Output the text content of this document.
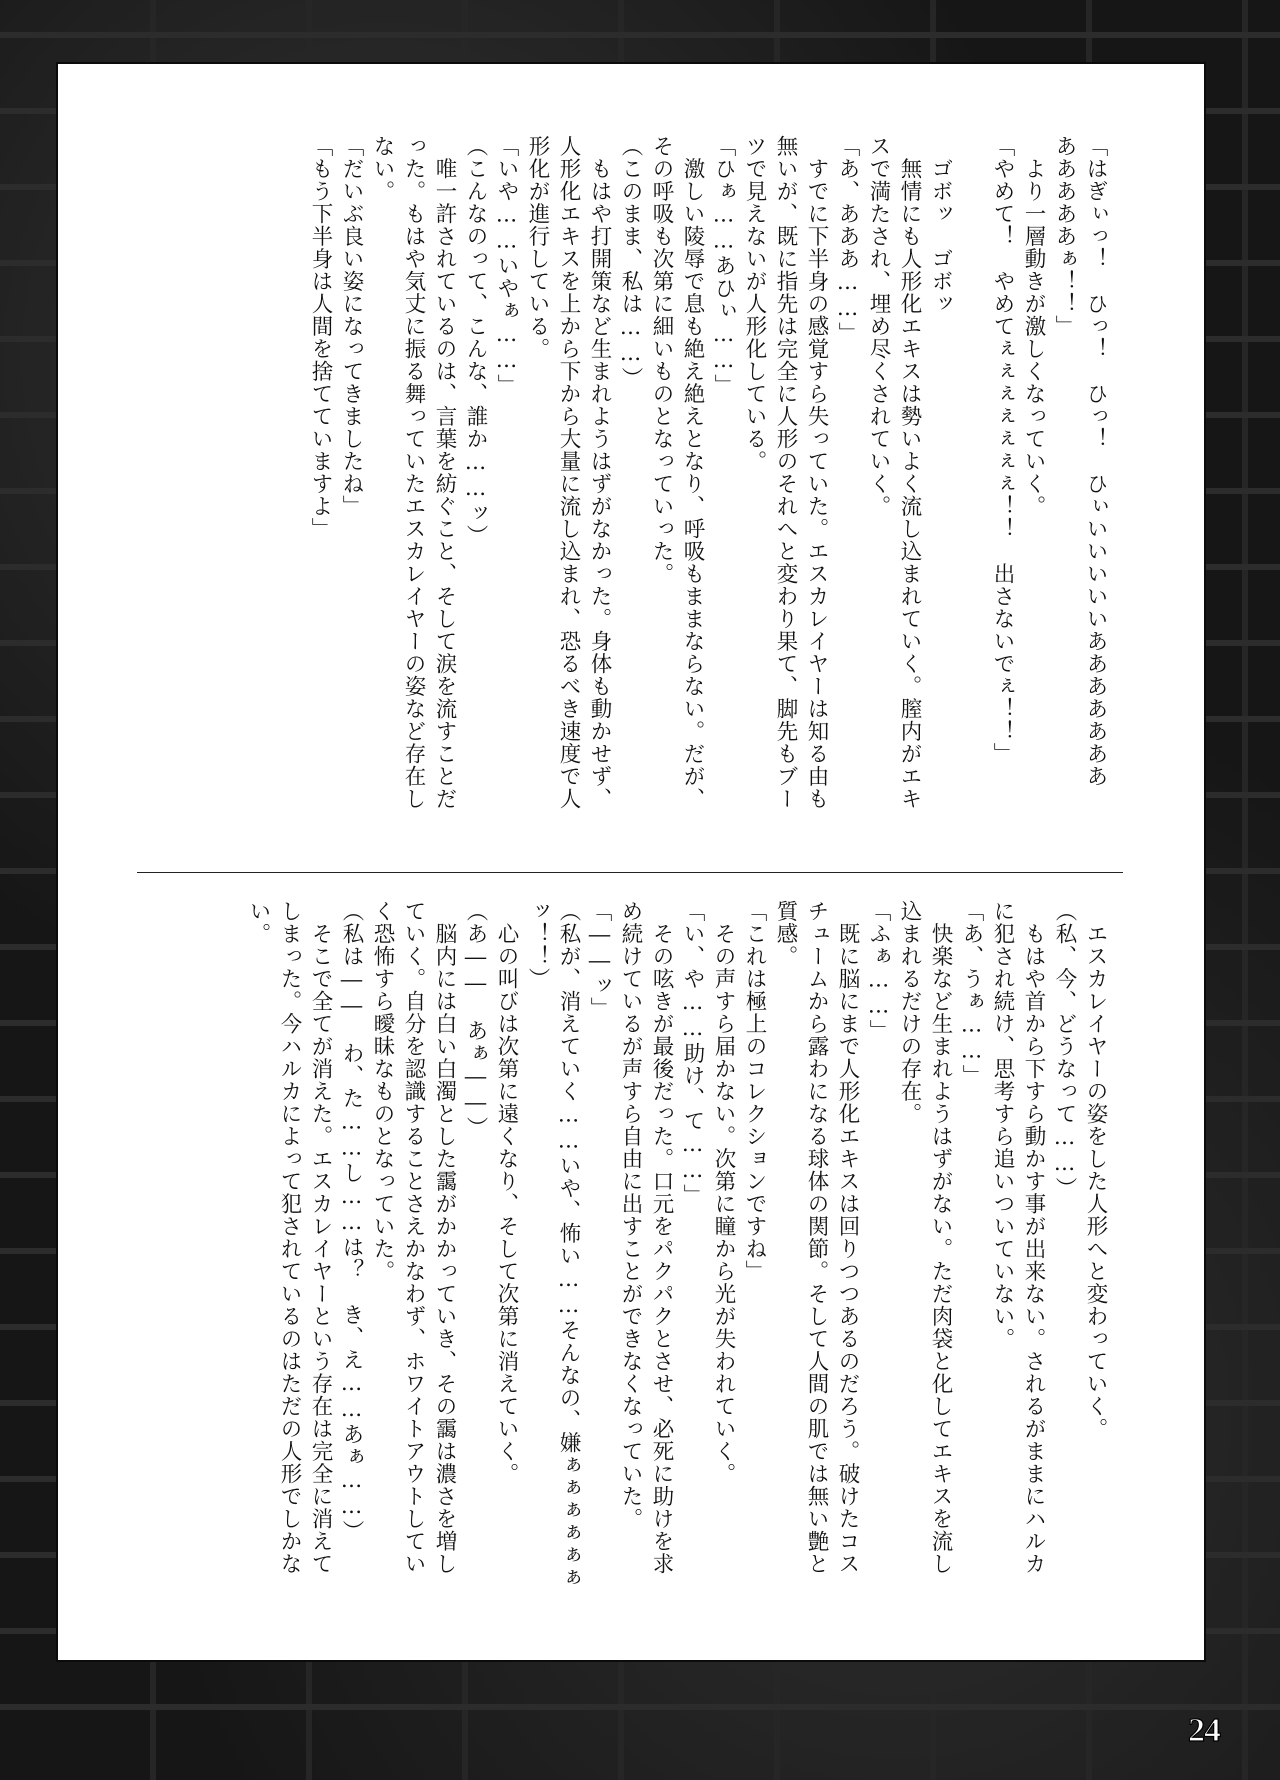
「はぎぃっ！　ひっ！　ひっ！　ひぃいいいいいあああああああ

あああああぁ！！」

　より一層動きが激しくなっていく。

「やめて！　やめてぇぇぇぇぇぇぇ！！　出さないでぇ！！」

　ゴボッ　ゴボッ

　無情にも人形化エキスは勢いよく流し込まれていく。膣内がエキ

スで満たされ、埋め尽くされていく。

「あ、あああ……」

　すでに下半身の感覚すら失っていた。エスカレイヤーは知る由も

無いが、既に指先は完全に人形のそれへと変わり果て、脚先もブー

ツで見えないが人形化している。

「ひぁ……あひぃ……」

　激しい陵辱で息も絶え絶えとなり、呼吸もままならない。だが、

その呼吸も次第に細いものとなっていった。

（このまま、私は……）

　もはや打開策など生まれようはずがなかった。身体も動かせず、

人形化エキスを上から下から大量に流し込まれ、恐るべき速度で人

形化が進行している。

「いや……いやぁ……」

（こんなのって、こんな、誰か……ッ）

　唯一許されているのは、言葉を紡ぐこと、そして涙を流すことだ

った。もはや気丈に振る舞っていたエスカレイヤーの姿など存在し

ない。

「だいぶ良い姿になってきましたね」

「もう下半身は人間を捨てていますよ」

　エスカレイヤーの姿をした人形へと変わっていく。

（私、今、どうなって……）

　もはや首から下すら動かす事が出来ない。されるがままにハルカ

に犯され続け、思考すら追いついていない。

「あ、うぁ……」

　快楽など生まれようはずがない。ただ肉袋と化してエキスを流し

込まれるだけの存在。

「ふぁ……」

　既に脳にまで人形化エキスは回りつつあるのだろう。破けたコス

チュームから露わになる球体の関節。そして人間の肌では無い艶と

質感。

「これは極上のコレクションですね」

　その声すら届かない。次第に瞳から光が失われていく。

「い、や……助け、て……」

　その呟きが最後だった。口元をパクパクとさせ、必死に助けを求

め続けているが声すら自由に出すことができなくなっていた。

「――ッ」

（私が、消えていく……いや、怖い……そんなの、嫌ぁぁぁぁぁぁ

ッ！！）

　心の叫びは次第に遠くなり、そして次第に消えていく。

（あ――　あぁ――）

　脳内には白い白濁とした靄がかかっていき、その靄は濃さを増し

ていく。自分を認識することさえかなわず、ホワイトアウトしてい

く恐怖すら曖昧なものとなっていた。

（私は――　わ、た……し……は？　き、え……あぁ……）

　そこで全てが消えた。エスカレイヤーという存在は完全に消えて

しまった。今ハルカによって犯されているのはただの人形でしかな

い。

24
